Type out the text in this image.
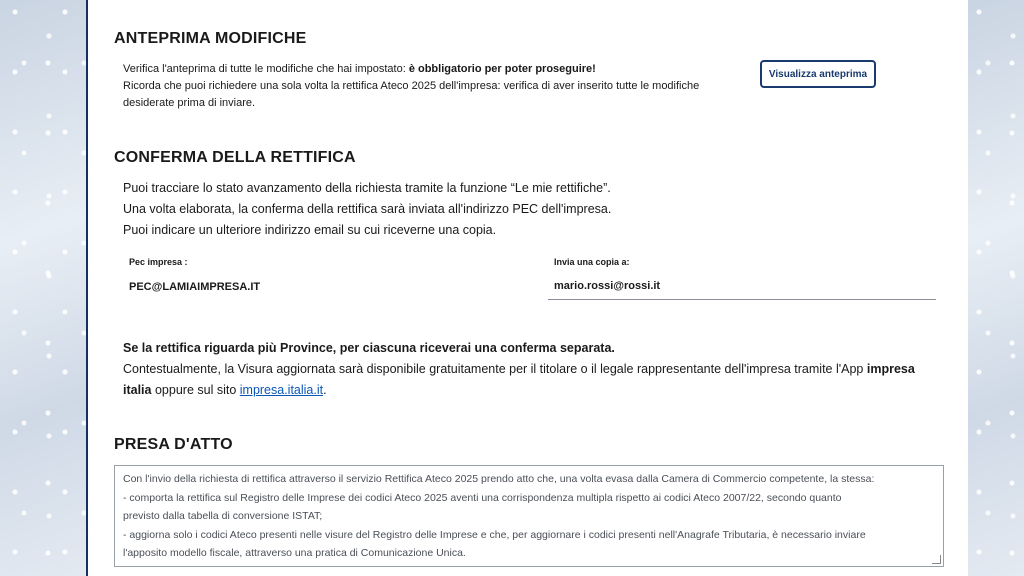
ANTEPRIMA MODIFICHE
Verifica l'anteprima di tutte le modifiche che hai impostato: è obbligatorio per poter proseguire!
Ricorda che puoi richiedere una sola volta la rettifica Ateco 2025 dell'impresa: verifica di aver inserito tutte le modifiche
desiderate prima di inviare.
Visualizza anteprima
CONFERMA DELLA RETTIFICA
Puoi tracciare lo stato avanzamento della richiesta tramite la funzione “Le mie rettifiche”.
Una volta elaborata, la conferma della rettifica sarà inviata all'indirizzo PEC dell'impresa.
Puoi indicare un ulteriore indirizzo email su cui riceverne una copia.
Pec impresa :
PEC@LAMIAIMPRESA.IT
Invia una copia a:
mario.rossi@rossi.it
Se la rettifica riguarda più Province, per ciascuna riceverai una conferma separata.
Contestualmente, la Visura aggiornata sarà disponibile gratuitamente per il titolare o il legale rappresentante dell'impresa tramite l'App impresa
italia oppure sul sito impresa.italia.it.
PRESA D'ATTO
Con l'invio della richiesta di rettifica attraverso il servizio Rettifica Ateco 2025 prendo atto che, una volta evasa dalla Camera di Commercio competente, la stessa:
- comporta la rettifica sul Registro delle Imprese dei codici Ateco 2025 aventi una corrispondenza multipla rispetto ai codici Ateco 2007/22, secondo quanto
previsto dalla tabella di conversione ISTAT;
- aggiorna solo i codici Ateco presenti nelle visure del Registro delle Imprese e che, per aggiornare i codici presenti nell'Anagrafe Tributaria, è necessario inviare
l'apposito modello fiscale, attraverso una pratica di Comunicazione Unica.
